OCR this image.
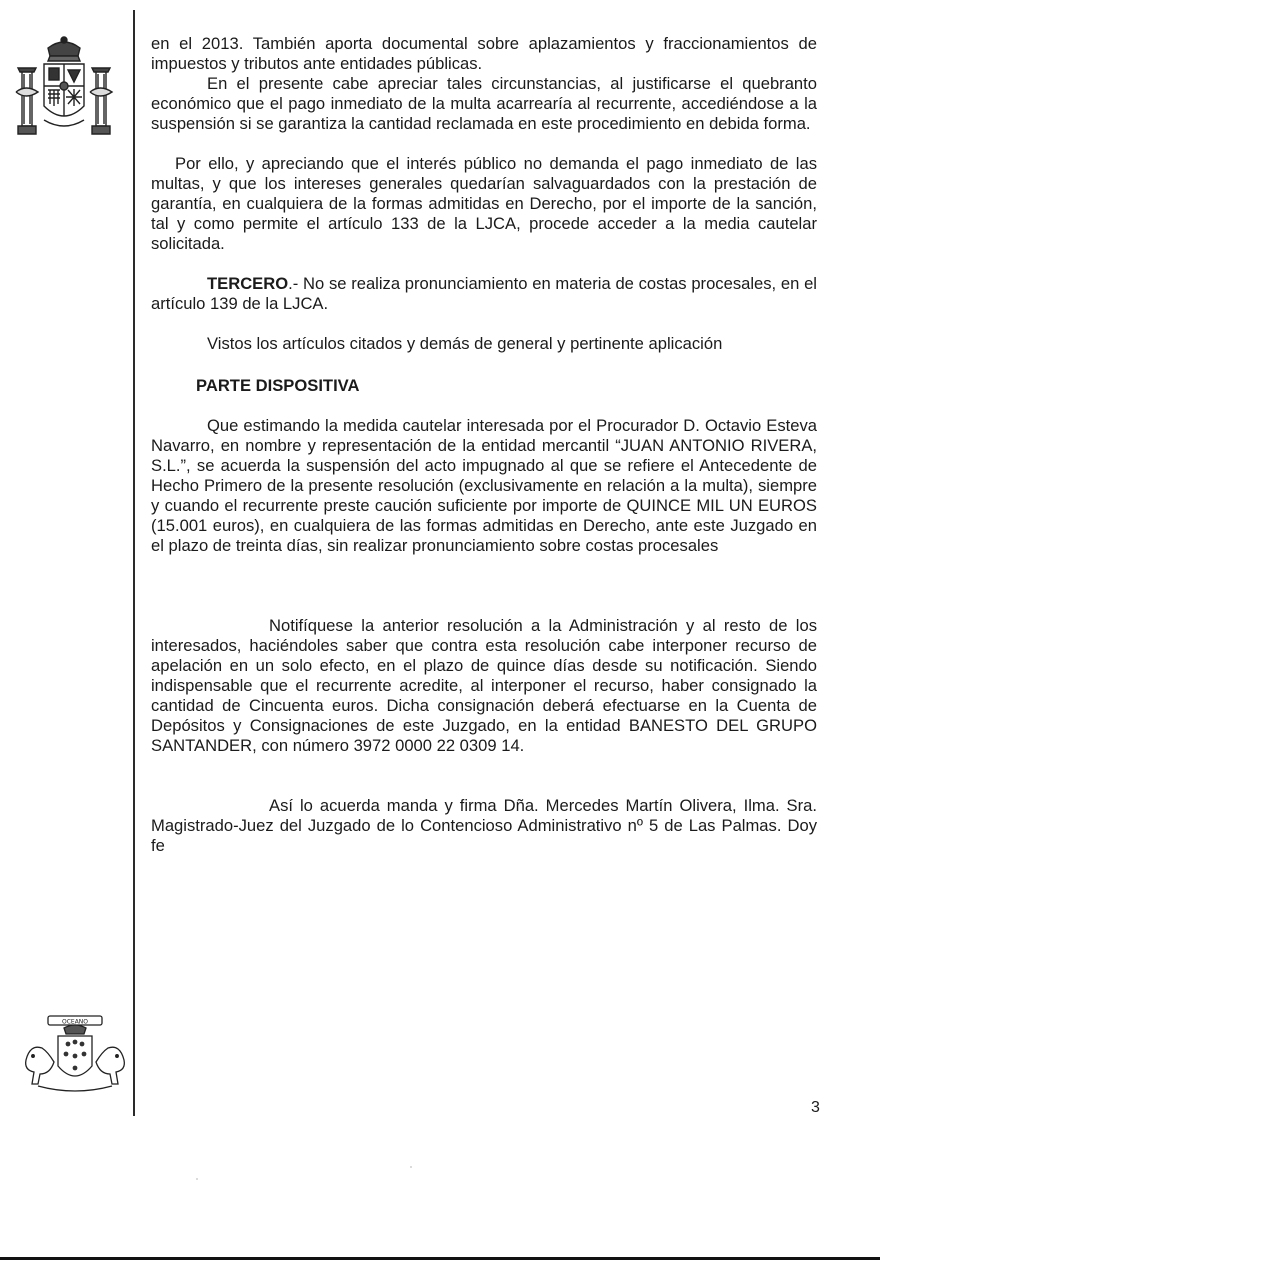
OCEANO
en el 2013. También aporta documental sobre aplazamientos y fraccionamientos de impuestos y tributos ante entidades públicas.
En el presente cabe apreciar tales circunstancias, al justificarse el quebranto económico que el pago inmediato de la multa acarrearía al recurrente, accediéndose a la suspensión si se garantiza la cantidad reclamada en este procedimiento en debida forma.
Por ello, y apreciando que el interés público no demanda el pago inmediato de las multas, y que los intereses generales quedarían salvaguardados con la prestación de garantía, en cualquiera de la formas admitidas en Derecho, por el importe de la sanción, tal y como permite el artículo 133 de la LJCA, procede acceder a la media cautelar solicitada.
TERCERO.- No se realiza pronunciamiento en materia de costas procesales, en el artículo 139 de la LJCA.
Vistos los artículos citados y demás de general y pertinente aplicación
PARTE DISPOSITIVA
Que estimando la medida cautelar interesada por el Procurador D. Octavio Esteva Navarro, en nombre y representación de la entidad mercantil “JUAN ANTONIO RIVERA, S.L.”, se acuerda la suspensión del acto impugnado al que se refiere el Antecedente de Hecho Primero de la presente resolución (exclusivamente en relación a la multa), siempre y cuando el recurrente preste caución suficiente por importe de QUINCE MIL UN EUROS (15.001 euros), en cualquiera de las formas admitidas en Derecho, ante este Juzgado en el plazo de treinta días, sin realizar pronunciamiento sobre costas procesales
Notifíquese la anterior resolución a la Administración y al resto de los interesados, haciéndoles saber que contra esta resolución cabe interponer recurso de apelación en un solo efecto, en el plazo de quince días desde su notificación. Siendo indispensable que el recurrente acredite, al interponer el recurso, haber consignado la cantidad de Cincuenta euros. Dicha consignación deberá efectuarse en la Cuenta de Depósitos y Consignaciones de este Juzgado, en la entidad BANESTO DEL GRUPO SANTANDER, con número 3972 0000 22 0309 14.
Así lo acuerda manda y firma Dña. Mercedes Martín Olivera, Ilma. Sra. Magistrado-Juez del Juzgado de lo Contencioso Administrativo nº 5 de Las Palmas. Doy fe
3
